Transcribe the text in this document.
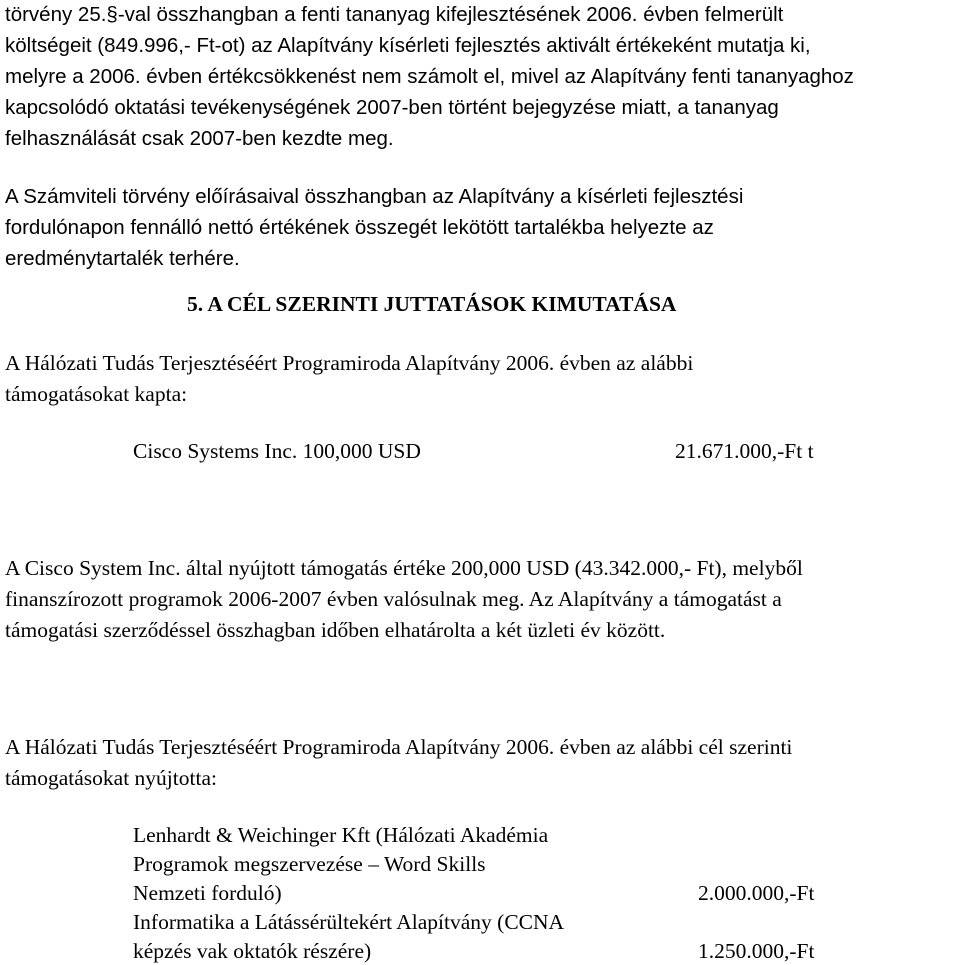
törvény 25.§-val összhangban a fenti tananyag kifejlesztésének 2006. évben felmerült
költségeit (849.996,- Ft-ot) az Alapítvány kísérleti fejlesztés aktivált értékeként mutatja ki,
melyre a 2006. évben értékcsökkenést nem számolt el, mivel az Alapítvány fenti tananyaghoz
kapcsolódó oktatási tevékenységének 2007-ben történt bejegyzése miatt, a tananyag
felhasználását csak 2007-ben kezdte meg.
A Számviteli törvény előírásaival összhangban az Alapítvány a kísérleti fejlesztési
fordulónapon fennálló nettó értékének összegét lekötött tartalékba helyezte az
eredménytartalék terhére.
5. A CÉL SZERINTI JUTTATÁSOK KIMUTATÁSA
A Hálózati Tudás Terjesztéséért Programiroda Alapítvány 2006. évben az alábbi
támogatásokat kapta:
Cisco Systems Inc. 100,000 USD	21.671.000,-Ft t
A Cisco System Inc. által nyújtott támogatás értéke 200,000 USD (43.342.000,- Ft), melyből
finanszírozott programok 2006-2007 évben valósulnak meg. Az Alapítvány a támogatást a
támogatási szerződéssel összhagban időben elhatárolta a két üzleti év között.
A Hálózati Tudás Terjesztéséért Programiroda Alapítvány 2006. évben az alábbi cél szerinti
támogatásokat nyújtotta:
Lenhardt & Weichinger Kft (Hálózati Akadémia
Programok megszervezése – Word Skills
Nemzeti forduló)	2.000.000,-Ft
Informatika a Látássérültekért Alapítvány (CCNA
képzés vak oktatók részére)	1.250.000,-Ft
